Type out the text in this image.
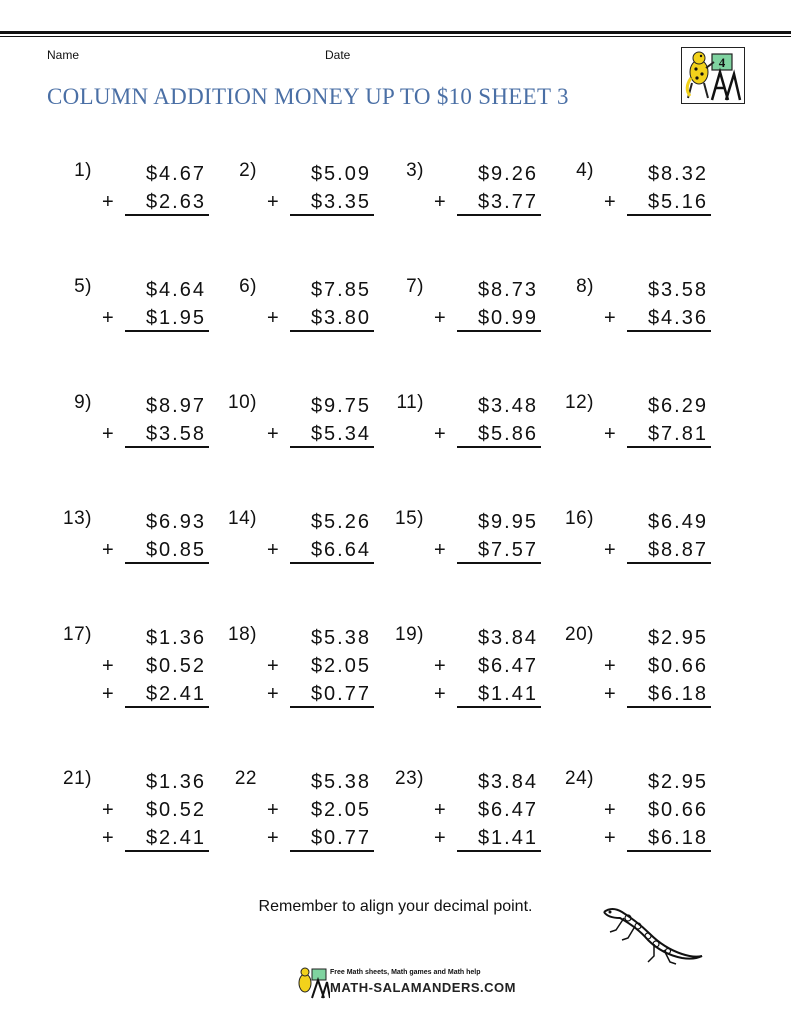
Name	Date
COLUMN ADDITION MONEY UP TO $10 SHEET 3
4
1)	$4.67
+ $2.63
2)	$5.09
+ $3.35
3)	$9.26
+ $3.77
4)	$8.32
+ $5.16
5)	$4.64
+ $1.95
6)	$7.85
+ $3.80
7)	$8.73
+ $0.99
8)	$3.58
+ $4.36
9)	$8.97
+ $3.58
10)	$9.75
+ $5.34
11)	$3.48
+ $5.86
12)	$6.29
+ $7.81
13)	$6.93
+ $0.85
14)	$5.26
+ $6.64
15)	$9.95
+ $7.57
16)	$6.49
+ $8.87
17)	$1.36
+ $0.52
+ $2.41
18)	$5.38
+ $2.05
+ $0.77
19)	$3.84
+ $6.47
+ $1.41
20)	$2.95
+ $0.66
+ $6.18
21)	$1.36
+ $0.52
+ $2.41
22	$5.38
+ $2.05
+ $0.77
23)	$3.84
+ $6.47
+ $1.41
24)	$2.95
+ $0.66
+ $6.18
Remember to align your decimal point.
Free Math sheets, Math games and Math help
MATH-SALAMANDERS.COM
